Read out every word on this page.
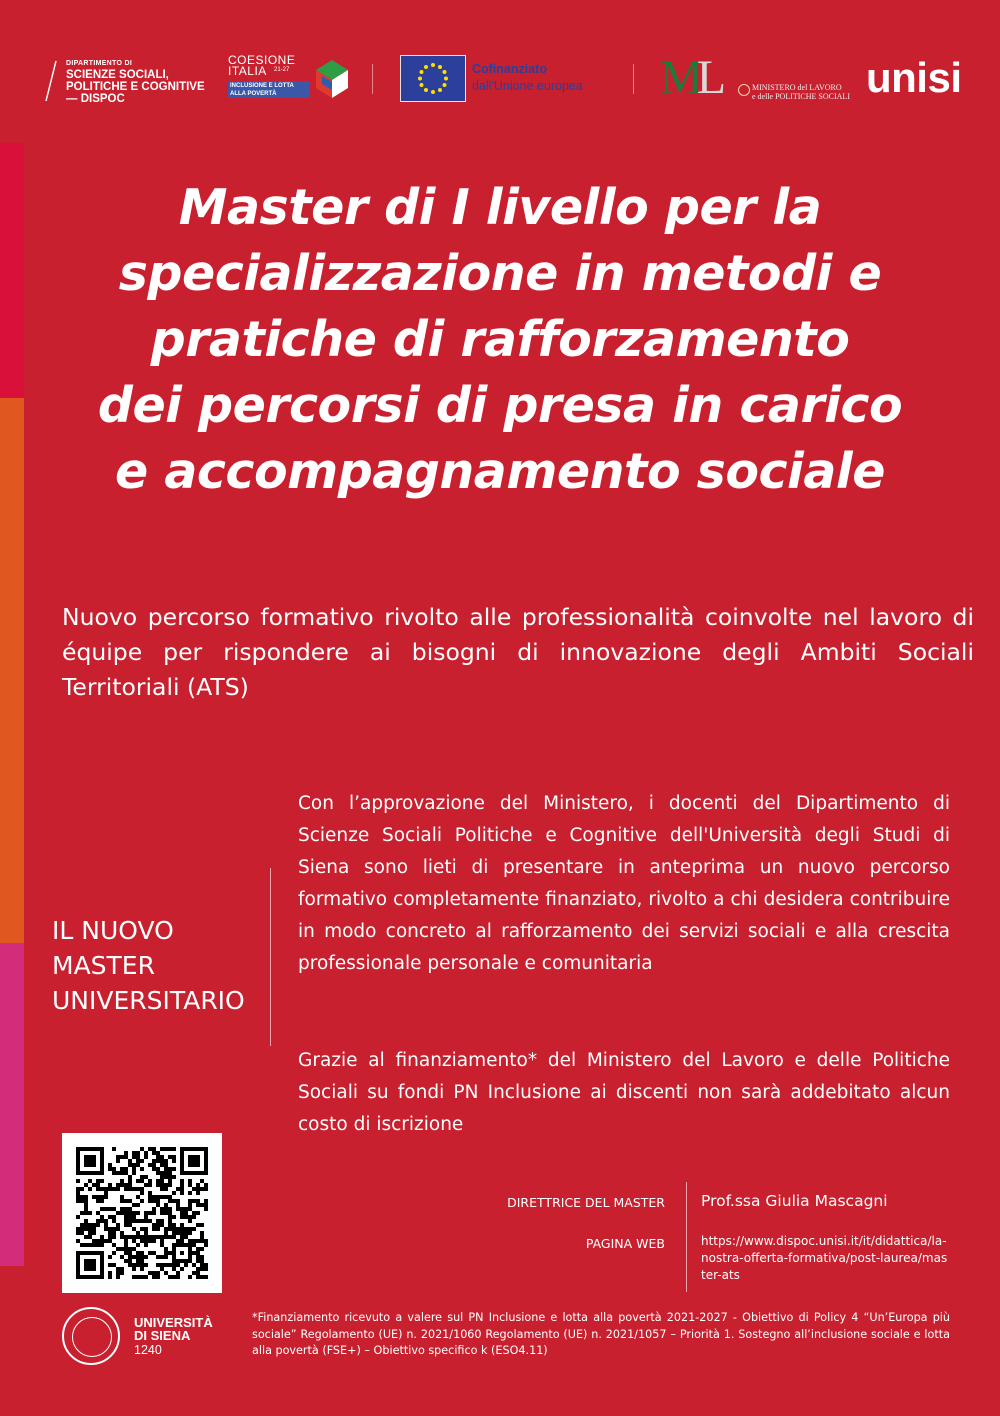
DIPARTIMENTO DI
SCIENZE SOCIALI,
POLITICHE E COGNITIVE
— DISPOC
COESIONE
ITALIA 21-27
INCLUSIONE E LOTTA
ALLA POVERTÀ
Cofinanziato
dall'Unione europea ML	MINISTERO del LAVORO
e delle POLITICHE SOCIALI unisi
Master di I livello per la
specializzazione in metodi e
pratiche di rafforzamento
dei percorsi di presa in carico
e accompagnamento sociale

Nuovo percorso formativo rivolto alle professionalità coinvolte nel lavoro di équipe per rispondere ai bisogni di innovazione degli Ambiti Sociali Territoriali (ATS)

IL NUOVO
MASTER
UNIVERSITARIO

Con l’approvazione del Ministero, i docenti del Dipartimento di Scienze Sociali Politiche e Cognitive dell'Università degli Studi di Siena sono lieti di presentare in anteprima un nuovo percorso formativo completamente finanziato, rivolto a chi desidera contribuire in modo concreto al rafforzamento dei servizi sociali e alla crescita professionale personale e comunitaria

Grazie al finanziamento* del Ministero del Lavoro e delle Politiche Sociali su fondi PN Inclusione ai discenti non sarà addebitato alcun costo di iscrizione

DIRETTRICE DEL MASTER
PAGINA WEB
Prof.ssa Giulia Mascagni
https://www.dispoc.unisi.it/it/didattica/la-nostra-offerta-formativa/post-laurea/master-ats
UNIVERSITÀ
DI SIENA
1240

*Finanziamento ricevuto a valere sul PN Inclusione e lotta alla povertà 2021-2027 - Obiettivo di Policy 4 “Un’Europa più sociale” Regolamento (UE) n. 2021/1060 Regolamento (UE) n. 2021/1057 – Priorità 1. Sostegno all’inclusione sociale e lotta alla povertà (FSE+) – Obiettivo specifico k (ESO4.11)
